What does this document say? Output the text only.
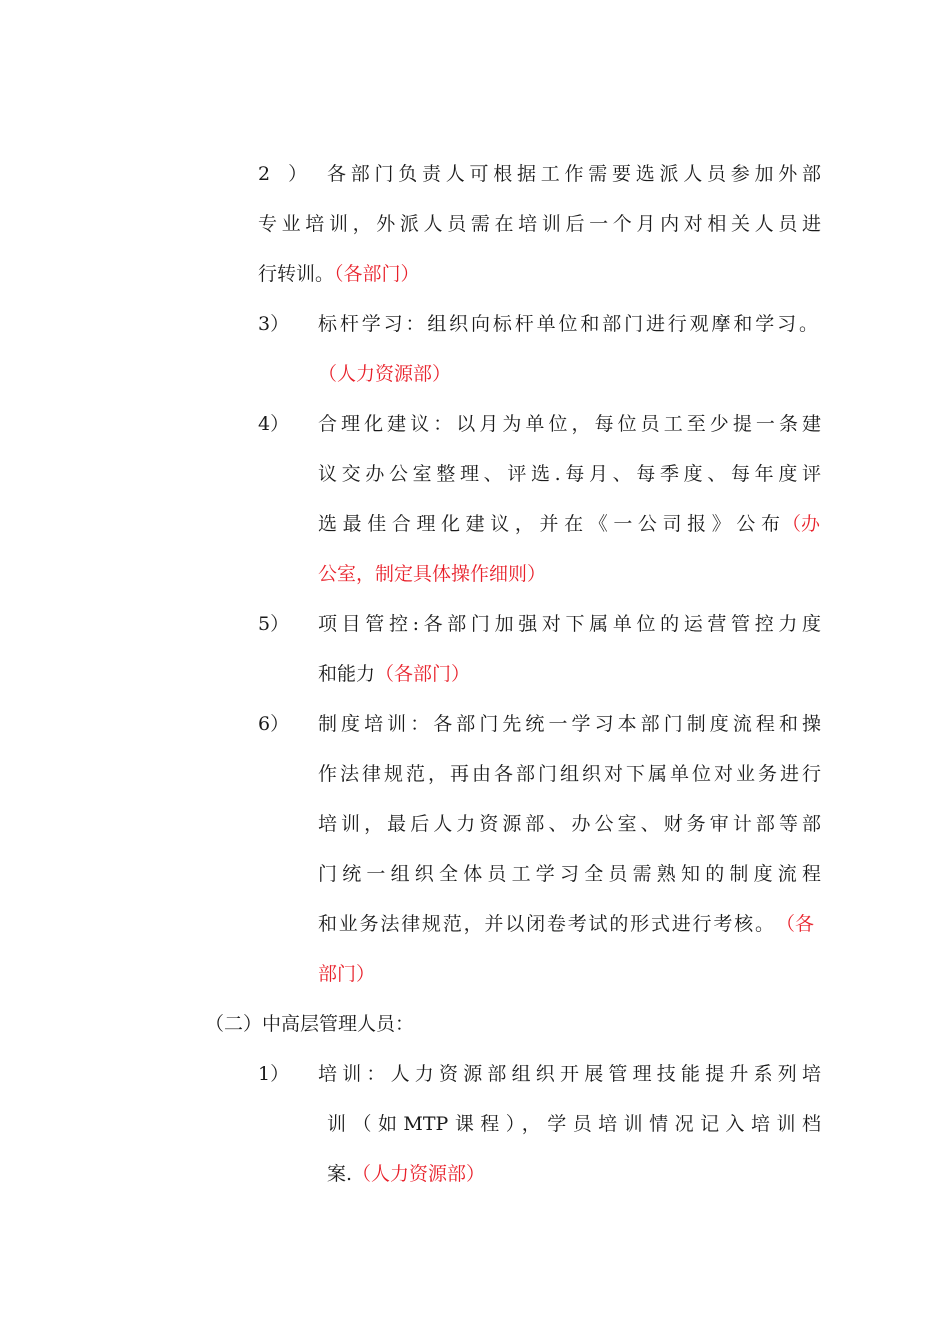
2 ） 各部门负责人可根据工作需要选派人员参加外部
专业培训，外派人员需在培训后一个月内对相关人员进
行转训。（各部门）
3） 标杆学习：组织向标杆单位和部门进行观摩和学习。
（人力资源部）
4） 合理化建议：以月为单位，每位员工至少提一条建
议交办公室整理、评选.每月、每季度、每年度评
选最佳合理化建议，并在《一公司报》公布 （办
公室，制定具体操作细则）
5） 项目管控:各部门加强对下属单位的运营管控力度
和能力（各部门）
6） 制度培训：各部门先统一学习本部门制度流程和操
作法律规范，再由各部门组织对下属单位对业务进行
培训，最后人力资源部、办公室、财务审计部等部
门统一组织全体员工学习全员需熟知的制度流程
和业务法律规范，并以闭卷考试的形式进行考核。 （各
部门）
（二）中高层管理人员：
1） 培训：人力资源部组织开展管理技能提升系列培
训（如MTP课程），学员培训情况记入培训档
案.（人力资源部）
